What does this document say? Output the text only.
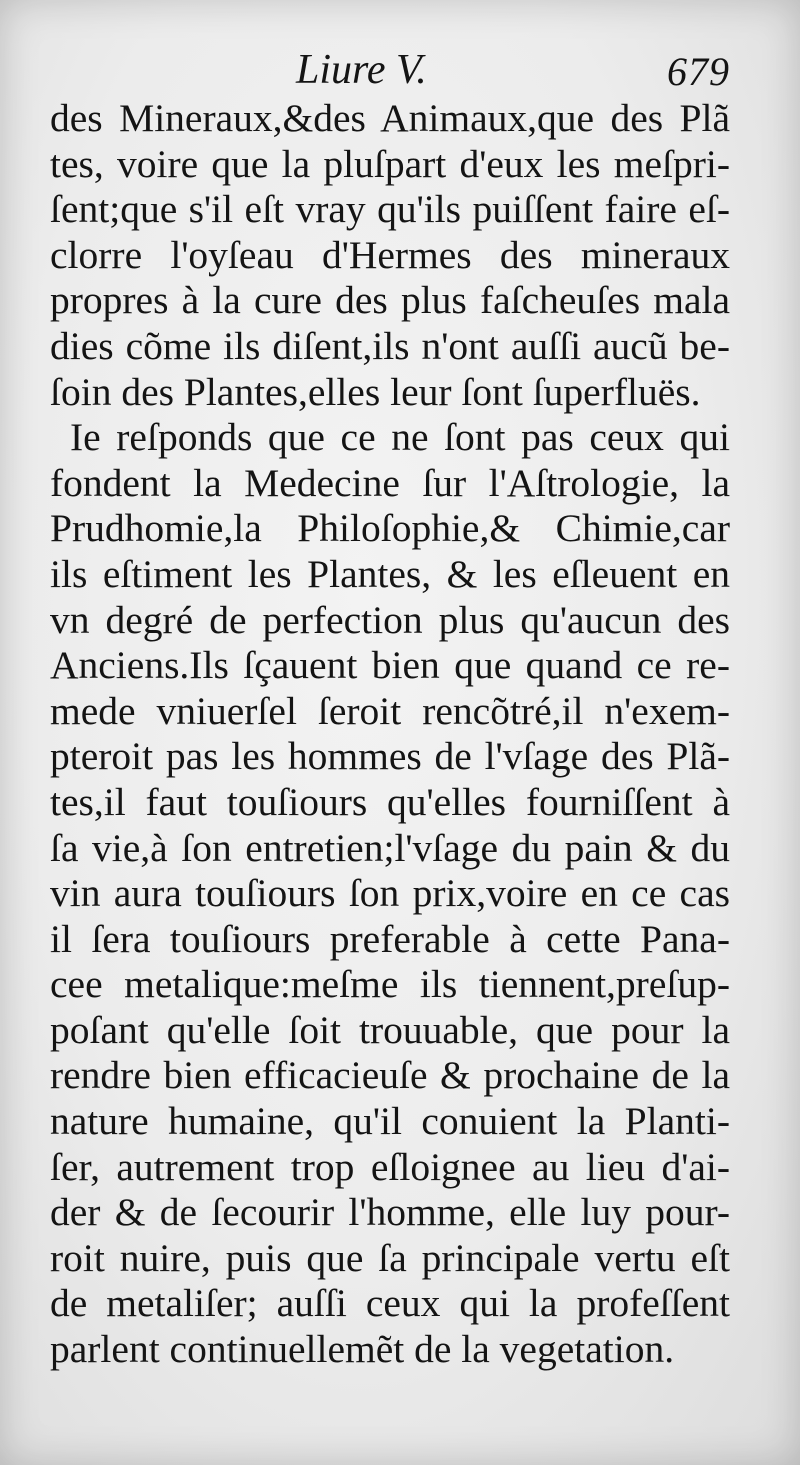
Liure V.	679
des Mineraux,&des Animaux,que des Plã
tes, voire que la pluſpart d'eux les meſpri-
ſent;que s'il eſt vray qu'ils puiſſent faire eſ-
clorre l'oyſeau d'Hermes des mineraux
propres à la cure des plus faſcheuſes mala
dies cõme ils diſent,ils n'ont auſſi aucũ be-
ſoin des Plantes,elles leur ſont ſuperfluës.
Ie reſponds que ce ne ſont pas ceux qui
fondent la Medecine ſur l'Aſtrologie, la
Prudhomie,la Philoſophie,& Chimie,car
ils eſtiment les Plantes, & les eſleuent en
vn degré de perfection plus qu'aucun des
Anciens.Ils ſçauent bien que quand ce re-
mede vniuerſel ſeroit rencõtré,il n'exem-
pteroit pas les hommes de l'vſage des Plã-
tes,il faut touſiours qu'elles fourniſſent à
ſa vie,à ſon entretien;l'vſage du pain & du
vin aura touſiours ſon prix,voire en ce cas
il ſera touſiours preferable à cette Pana-
cee metalique:meſme ils tiennent,preſup-
poſant qu'elle ſoit trouuable, que pour la
rendre bien efficacieuſe & prochaine de la
nature humaine, qu'il conuient la Planti-
ſer, autrement trop eſloignee au lieu d'ai-
der & de ſecourir l'homme, elle luy pour-
roit nuire, puis que ſa principale vertu eſt
de metaliſer; auſſi ceux qui la profeſſent
parlent continuellemẽt de la vegetation.
